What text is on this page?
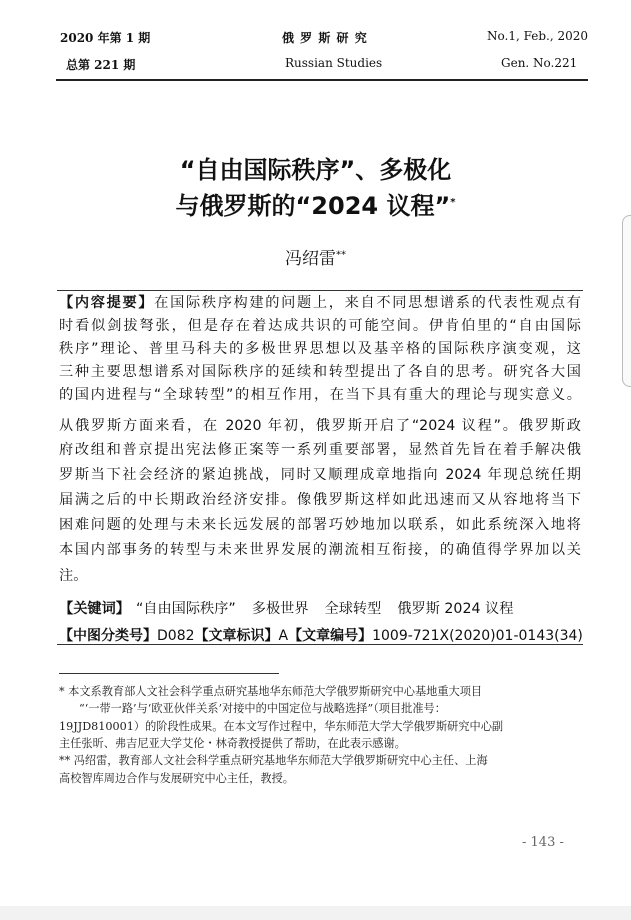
2020 年第 1 期
总第 221 期
俄 罗 斯 研 究
Russian Studies
No.1, Feb., 2020
Gen. No.221
“自由国际秩序”、多极化
与俄罗斯的“2024 议程”*
冯绍雷**
【内容提要】在国际秩序构建的问题上，来自不同思想谱系的代表性观点有
时看似剑拔弩张，但是存在着达成共识的可能空间。伊肯伯里的“自由国际
秩序”理论、普里马科夫的多极世界思想以及基辛格的国际秩序演变观，这
三种主要思想谱系对国际秩序的延续和转型提出了各自的思考。研究各大国
的国内进程与“全球转型”的相互作用，在当下具有重大的理论与现实意义。
从俄罗斯方面来看，在 2020 年初，俄罗斯开启了“2024 议程”。俄罗斯政
府改组和普京提出宪法修正案等一系列重要部署，显然首先旨在着手解决俄
罗斯当下社会经济的紧迫挑战，同时又顺理成章地指向 2024 年现总统任期
届满之后的中长期政治经济安排。像俄罗斯这样如此迅速而又从容地将当下
困难问题的处理与未来长远发展的部署巧妙地加以联系，如此系统深入地将
本国内部事务的转型与未来世界发展的潮流相互衔接，的确值得学界加以关
注。
【关键词】 “自由国际秩序” 多极世界 全球转型 俄罗斯 2024 议程
【中图分类号】D082【文章标识】A【文章编号】1009-721X(2020)01-0143(34)
* 本文系教育部人文社会科学重点研究基地华东师范大学俄罗斯研究中心基地重大项目
“‘一带一路’与‘欧亚伙伴关系’对接中的中国定位与战略选择”（项目批准号：
19JJD810001）的阶段性成果。在本文写作过程中，华东师范大学大学俄罗斯研究中心副
主任张昕、弗吉尼亚大学艾伦・林奇教授提供了帮助，在此表示感谢。
** 冯绍雷，教育部人文社会科学重点研究基地华东师范大学俄罗斯研究中心主任、上海
高校智库周边合作与发展研究中心主任，教授。
- 143 -
